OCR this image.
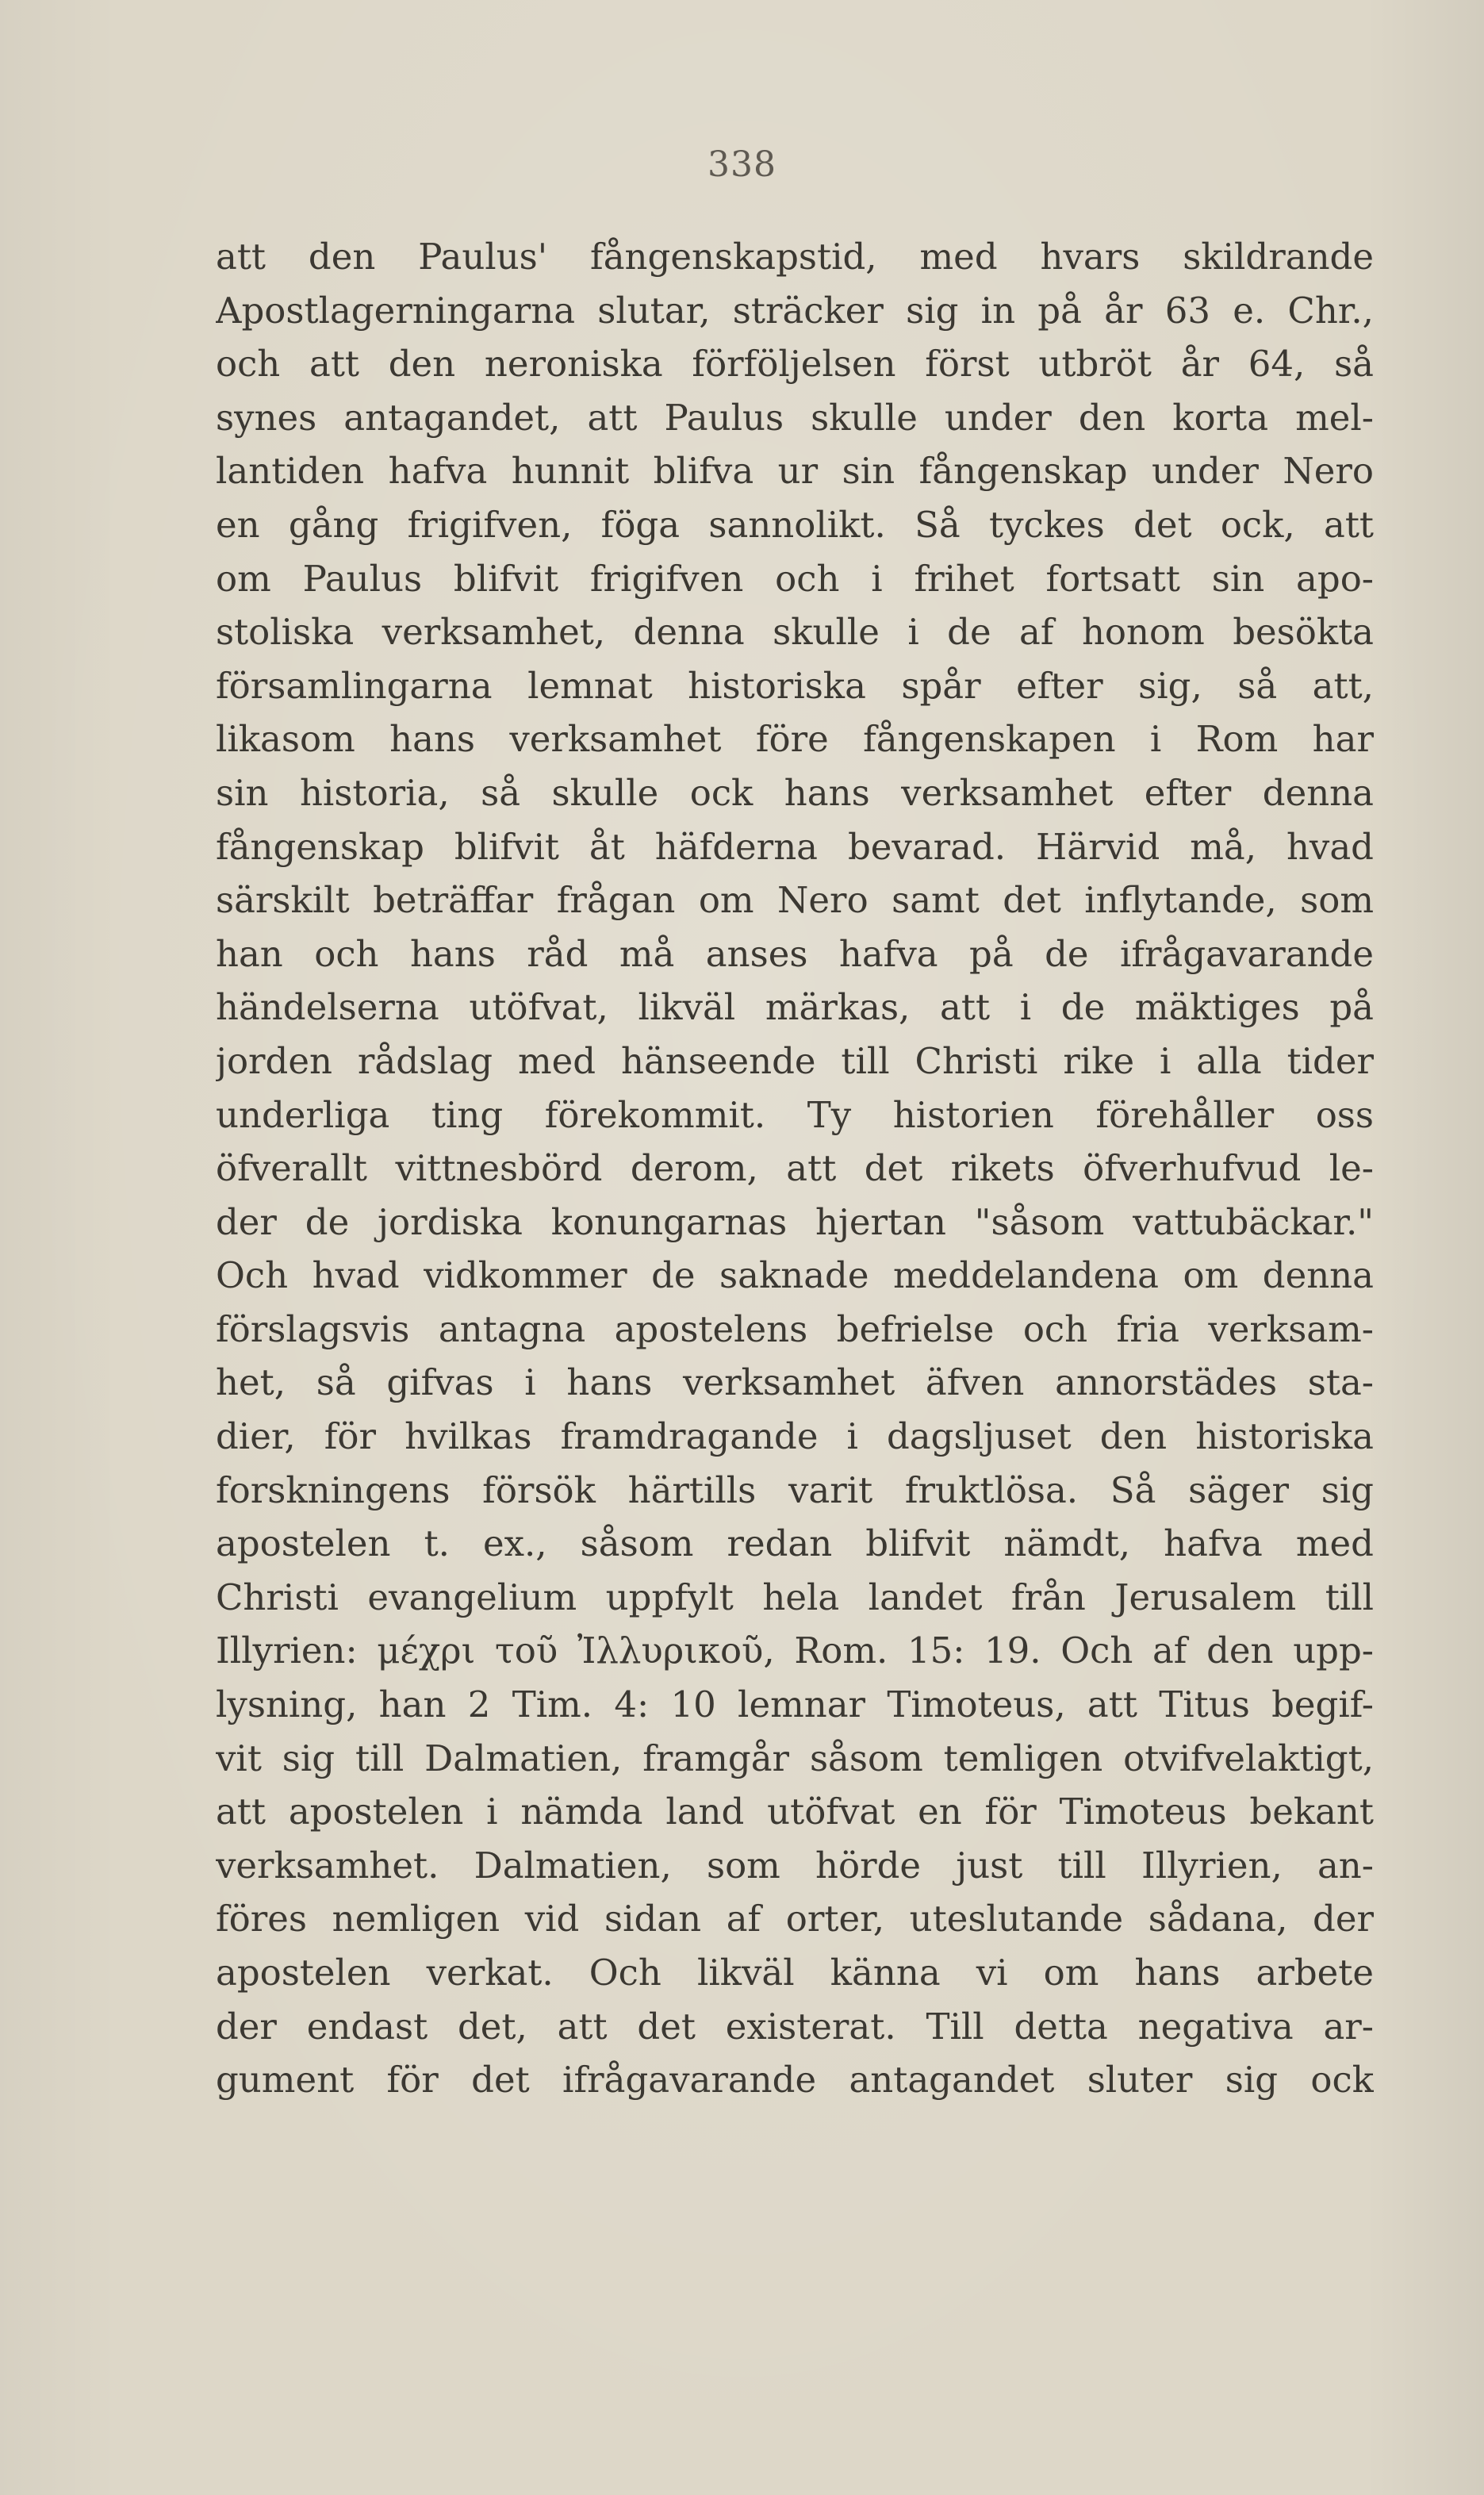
338
att den Paulus' fångenskapstid, med hvars skildrande
Apostlagerningarna slutar, sträcker sig in på år 63 e. Chr.,
och att den neroniska förföljelsen först utbröt år 64, så
synes antagandet, att Paulus skulle under den korta mel-
lantiden hafva hunnit blifva ur sin fångenskap under Nero
en gång frigifven, föga sannolikt. Så tyckes det ock, att
om Paulus blifvit frigifven och i frihet fortsatt sin apo-
stoliska verksamhet, denna skulle i de af honom besökta
församlingarna lemnat historiska spår efter sig, så att,
likasom hans verksamhet före fångenskapen i Rom har
sin historia, så skulle ock hans verksamhet efter denna
fångenskap blifvit åt häfderna bevarad. Härvid må, hvad
särskilt beträffar frågan om Nero samt det inflytande, som
han och hans råd må anses hafva på de ifrågavarande
händelserna utöfvat, likväl märkas, att i de mäktiges på
jorden rådslag med hänseende till Christi rike i alla tider
underliga ting förekommit. Ty historien förehåller oss
öfverallt vittnesbörd derom, att det rikets öfverhufvud le-
der de jordiska konungarnas hjertan "såsom vattubäckar."
Och hvad vidkommer de saknade meddelandena om denna
förslagsvis antagna apostelens befrielse och fria verksam-
het, så gifvas i hans verksamhet äfven annorstädes sta-
dier, för hvilkas framdragande i dagsljuset den historiska
forskningens försök härtills varit fruktlösa. Så säger sig
apostelen t. ex., såsom redan blifvit nämdt, hafva med
Christi evangelium uppfylt hela landet från Jerusalem till
Illyrien: μέχρι τοῦ Ἰλλυρικοῦ, Rom. 15: 19. Och af den upp-
lysning, han 2 Tim. 4: 10 lemnar Timoteus, att Titus begif-
vit sig till Dalmatien, framgår såsom temligen otvifvelaktigt,
att apostelen i nämda land utöfvat en för Timoteus bekant
verksamhet. Dalmatien, som hörde just till Illyrien, an-
föres nemligen vid sidan af orter, uteslutande sådana, der
apostelen verkat. Och likväl känna vi om hans arbete
der endast det, att det existerat. Till detta negativa ar-
gument för det ifrågavarande antagandet sluter sig ock
